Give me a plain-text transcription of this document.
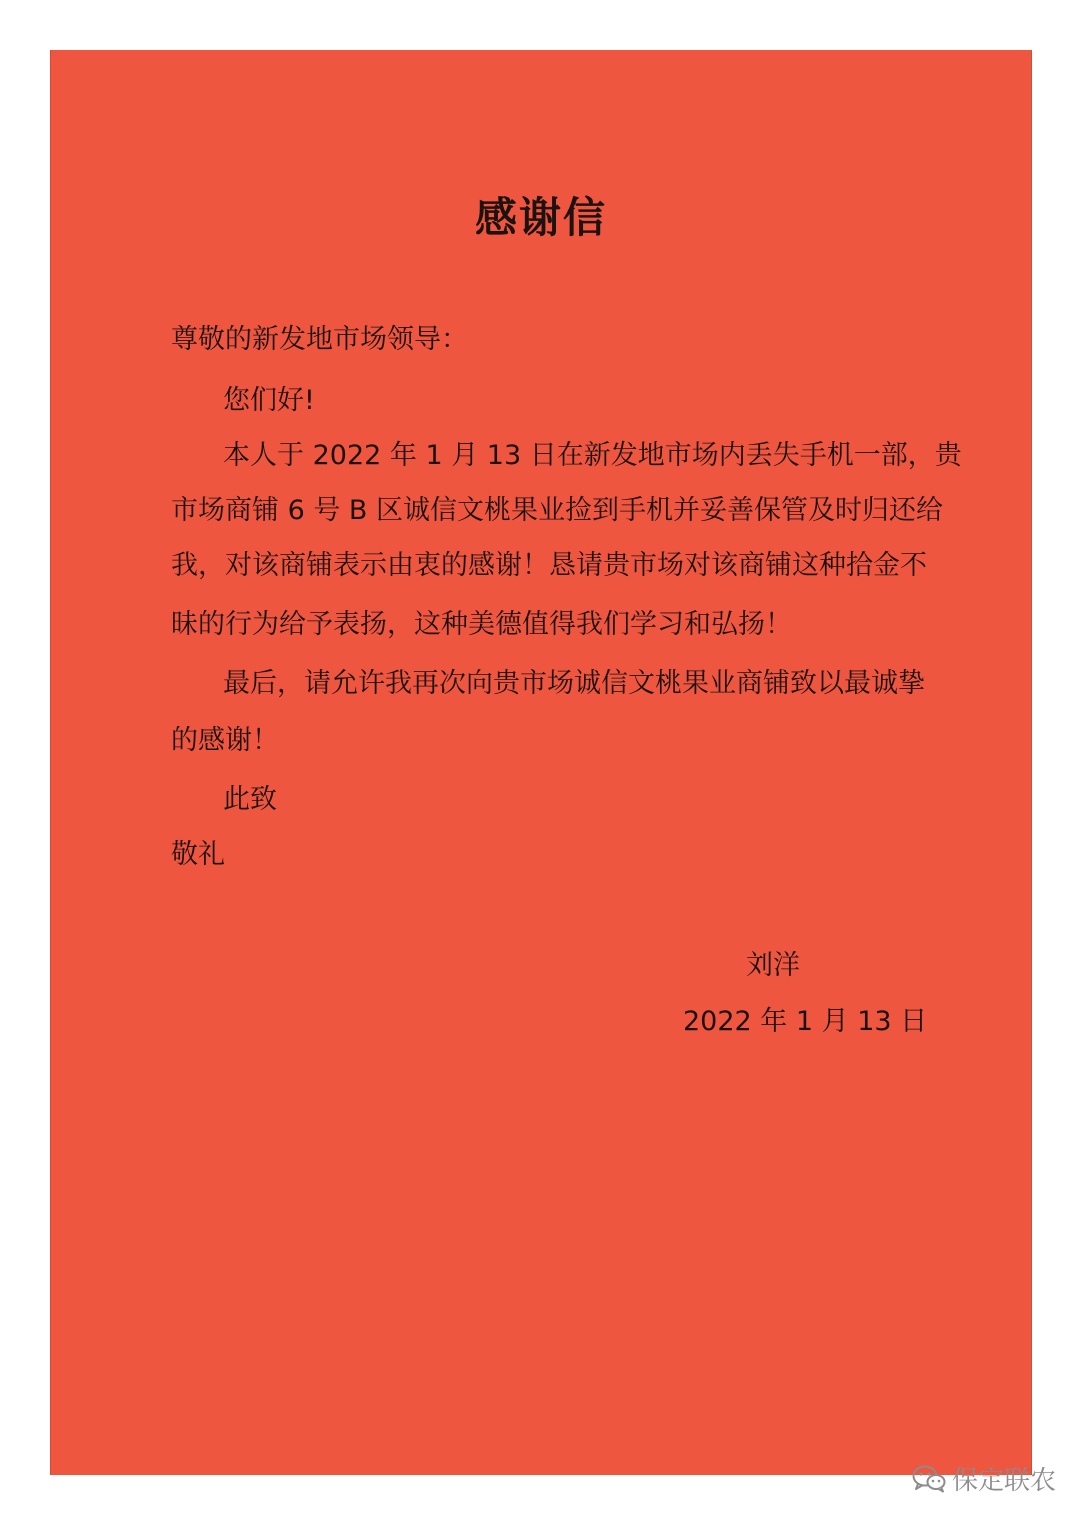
感谢信
尊敬的新发地市场领导：
您们好!
本人于 2022 年 1 月 13 日在新发地市场内丢失手机一部，贵
市场商铺 6 号 B 区诚信文桃果业捡到手机并妥善保管及时归还给
我，对该商铺表示由衷的感谢！恳请贵市场对该商铺这种拾金不
昧的行为给予表扬，这种美德值得我们学习和弘扬！
最后，请允许我再次向贵市场诚信文桃果业商铺致以最诚挚
的感谢！
此致
敬礼
刘洋
2022 年 1 月 13 日
保定联农
